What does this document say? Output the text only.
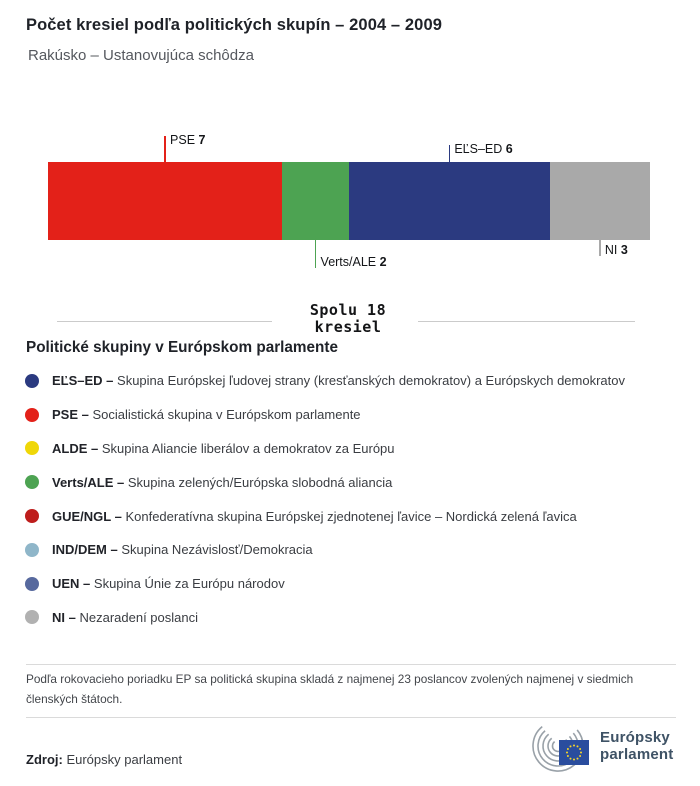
Počet kresiel podľa politických skupín – 2004 – 2009
Rakúsko – Ustanovujúca schôdza
PSE 7
Verts/ALE 2
EĽS–ED 6
NI 3
Spolu 18
kresiel
Politické skupiny v Európskom parlamente
EĽS–ED – Skupina Európskej ľudovej strany (kresťanských demokratov) a Európskych demokratov
PSE – Socialistická skupina v Európskom parlamente
ALDE – Skupina Aliancie liberálov a demokratov za Európu
Verts/ALE – Skupina zelených/Európska slobodná aliancia
GUE/NGL – Konfederatívna skupina Európskej zjednotenej ľavice – Nordická zelená ľavica
IND/DEM – Skupina Nezávislosť/Demokracia
UEN – Skupina Únie za Európu národov
NI – Nezaradení poslanci

Podľa rokovacieho poriadku EP sa politická skupina skladá z najmenej 23 poslancov zvolených najmenej v siedmich členských štátoch.

Zdroj: Európsky parlament

Európsky
parlament
